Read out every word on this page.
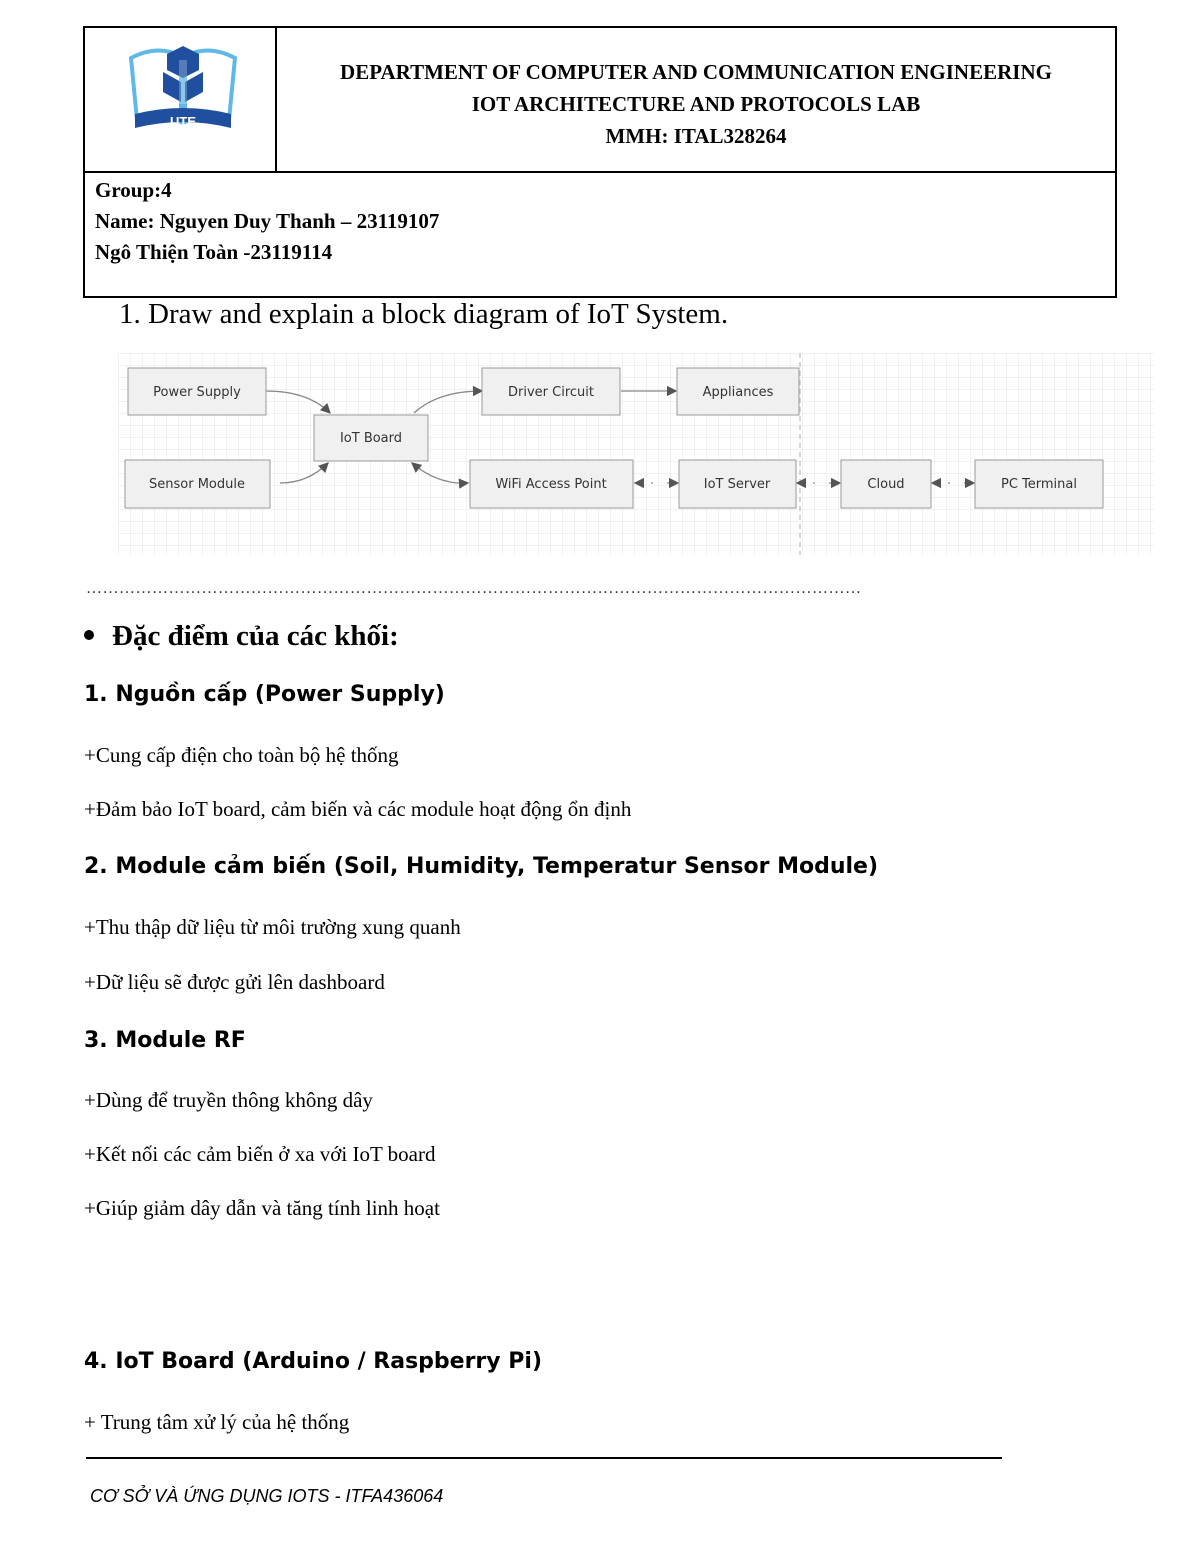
UTE
DEPARTMENT OF COMPUTER AND COMMUNICATION ENGINEERING
IOT ARCHITECTURE AND PROTOCOLS LAB
MMH: ITAL328264
Group:4
Name: Nguyen Duy Thanh – 23119107
Ngô Thiện Toàn -23119114
1. Draw and explain a block diagram of IoT System.
Power Supply
Sensor Module
IoT Board
Driver Circuit	Appliances
WiFi Access Point	IoT Server	Cloud	PC Terminal
……………………………………………………………………………………………………………………………
Đặc điểm của các khối:
1. Nguồn cấp (Power Supply)
+Cung cấp điện cho toàn bộ hệ thống
+Đảm bảo IoT board, cảm biến và các module hoạt động ổn định
2. Module cảm biến (Soil, Humidity, Temperatur Sensor Module)
+Thu thập dữ liệu từ môi trường xung quanh
+Dữ liệu sẽ được gửi lên dashboard
3. Module RF
+Dùng để truyền thông không dây
+Kết nối các cảm biến ở xa với IoT board
+Giúp giảm dây dẫn và tăng tính linh hoạt
4. IoT Board (Arduino / Raspberry Pi)
+ Trung tâm xử lý của hệ thống
CƠ SỞ VÀ ỨNG DỤNG IOTS - ITFA436064
